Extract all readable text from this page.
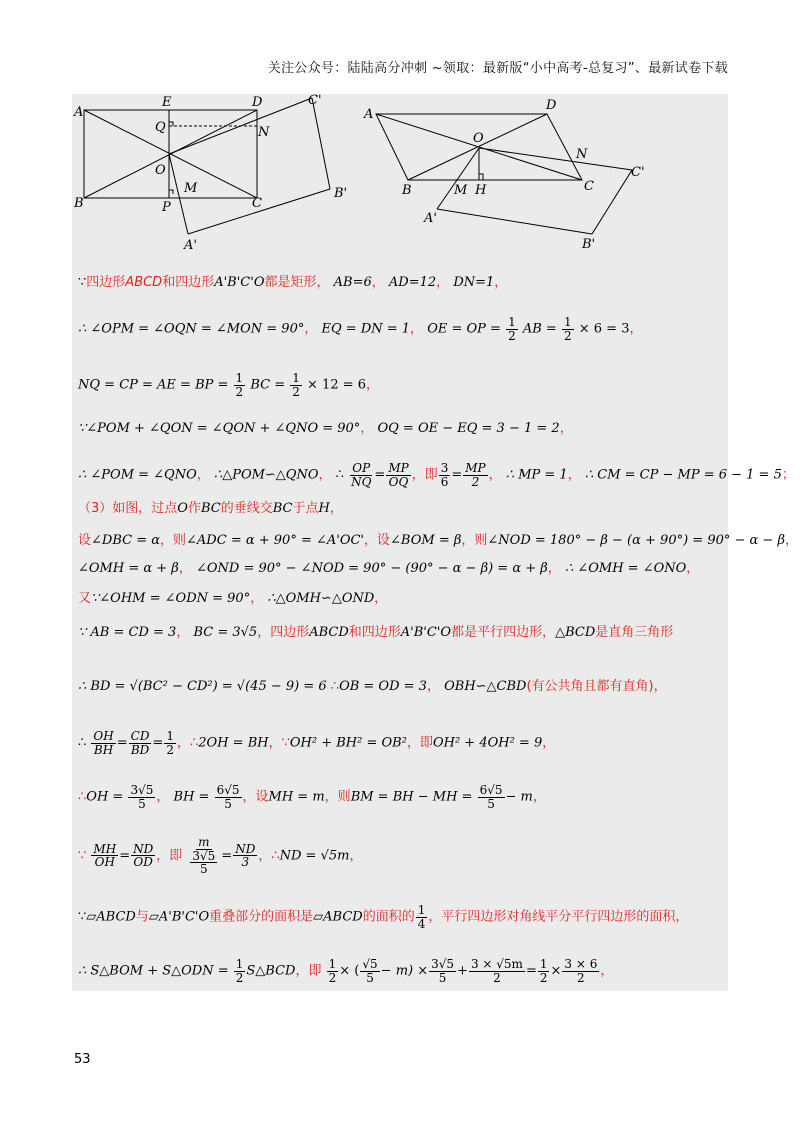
关注公众号：陆陆高分冲刺 ~领取：最新版“小中高考-总复习”、最新试卷下载
A
E	D	C'
Q	N
O
M
B	P	C
B'
A'
A
D
O
N
C'
B	M H	C
A'
B'
∵四边形ABCD和四边形A'B'C'O都是矩形， AB=6， AD=12， DN=1，
∴ ∠OPM = ∠OQN = ∠MON = 90°， EQ = DN = 1， OE = OP = $\frac{1}{2}$ AB = $\frac{1}{2} \times 6 = 3$，
NQ = CP = AE = BP = $\frac{1}{2}$ BC = $\frac{1}{2} \times 12 = 6$，
∵∠POM + ∠QON = ∠QON + ∠QNO = 90°， OQ = OE − EQ = 3 − 1 = 2，
∴ ∠POM = ∠QNO， ∴△POM∽△QNO， ∴ $\frac{OP}{NQ} = \frac{MP}{OQ}$ ，即 $\frac{3}{6} = \frac{MP}{2}$ ， ∴ MP = 1， ∴ CM = CP − MP = 6 − 1 = 5；
（3）如图，过点O作BC的垂线交BC于点H，
设∠DBC = α，则∠ADC = α + 90° = ∠A'OC'，设∠BOM = β，则∠NOD = 180° − β − (α + 90°) = 90° − α − β，
∠OMH = α + β， ∠OND = 90° − ∠NOD = 90° − (90° − α − β) = α + β， ∴ ∠OMH = ∠ONO，
又∵∠OHM = ∠ODN = 90°， ∴△OMH∽△OND，
∵ AB = CD = 3， BC = 3√5，四边形ABCD和四边形A'B'C'O都是平行四边形，△BCD是直角三角形
∴ BD = √(BC² − CD²) = √(45 − 9) = 6 ∴OB = OD = 3， OBH∽△CBD(有公共角且都有直角)，
∴ $\frac{OH}{BH} = \frac{CD}{BD} = \frac{1}{2}$ ，∴2OH = BH，∵OH² + BH² = OB²，即OH² + 4OH² = 9，
∴OH = $\frac{3√5}{5}$ ， BH = $\frac{6√5}{5}$ ，设MH = m，则BM = BH − MH = $\frac{6√5}{5} - m$，
∵ $\frac{MH}{OH} = \frac{ND}{OD}$ ，即 $\frac{m}{\frac{3√5}{5}} = \frac{ND}{3}$ ，∴ND = √5m，
∵▱ABCD与▱A'B'C'O重叠部分的面积是▱ABCD的面积的 $\frac{1}{4}$ ，平行四边形对角线平分平行四边形的面积，
∴ S△BOM + S△ODN = $\frac{1}{2}$ S△BCD，即 $\frac{1}{2}$ × ( $\frac{√5}{5} - m) \times \frac{3√5}{5} + \frac{3 \times √5m}{2} = \frac{1}{2} \times \frac{3 \times 6}{2}$ ，
53
